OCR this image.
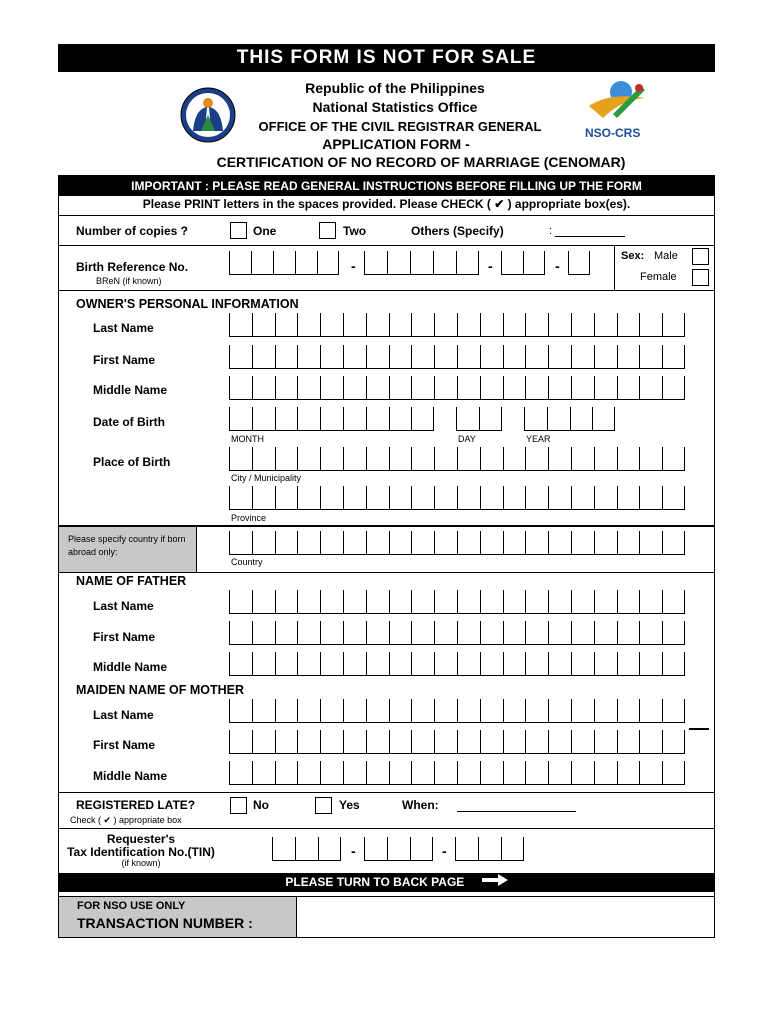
THIS FORM IS NOT FOR SALE
NSO-CRS
Republic of the Philippines
National Statistics Office
OFFICE OF THE CIVIL REGISTRAR GENERAL
APPLICATION FORM -
CERTIFICATION OF NO RECORD OF MARRIAGE (CENOMAR)
IMPORTANT : PLEASE READ GENERAL INSTRUCTIONS BEFORE FILLING UP THE FORM
Please PRINT letters in the spaces provided. Please CHECK ( ✔ ) appropriate box(es).
Number of copies ?	One	Two	Others (Specify)	:
Birth Reference No.
BReN (if known)
-	-	-
Sex: Male
Female
OWNER'S PERSONAL INFORMATION
Last Name
First Name
Middle Name
Date of Birth
MONTH	DAY	YEAR
Place of Birth
City / Municipality
Province
Please specify country if born abroad only:
Country
NAME OF FATHER
Last Name
First Name
Middle Name
MAIDEN NAME OF MOTHER
Last Name
First Name
Middle Name
REGISTERED LATE?
Check ( ✔ ) appropriate box
No	Yes	When:
Requester's
Tax Identification No.(TIN)
(if known)
-	-
PLEASE TURN TO BACK PAGE
FOR NSO USE ONLY
TRANSACTION NUMBER :
